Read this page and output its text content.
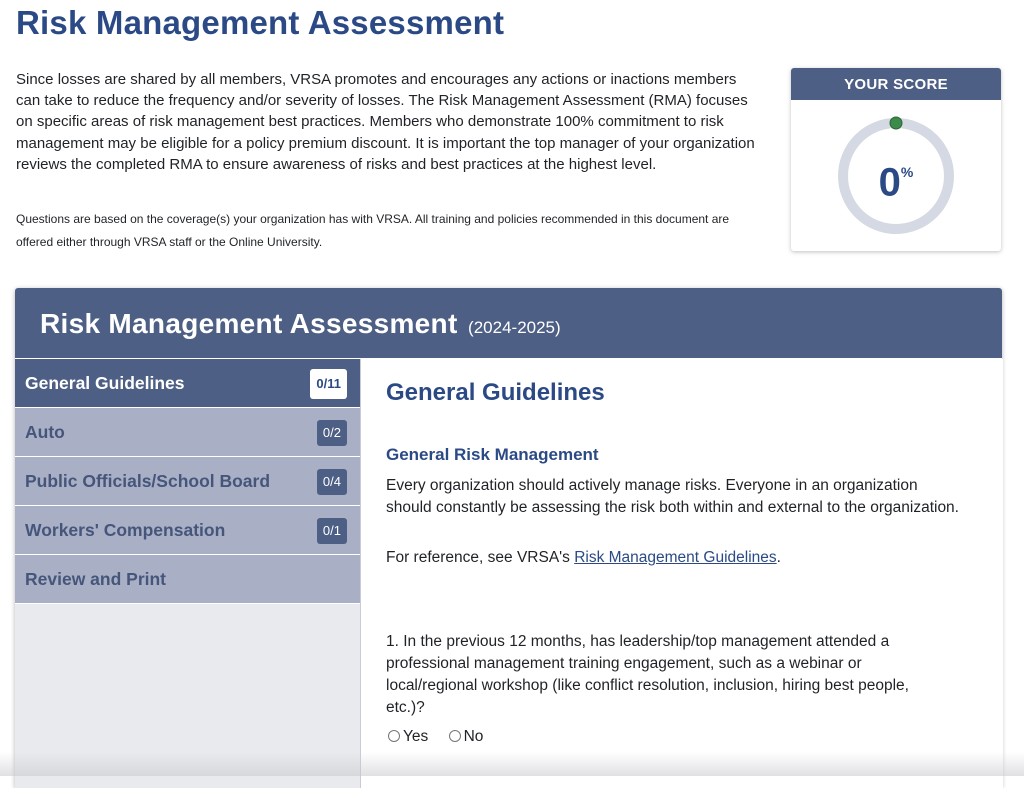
Risk Management Assessment

Since losses are shared by all members, VRSA promotes and encourages any actions or inactions members can take to reduce the frequency and/or severity of losses. The Risk Management Assessment (RMA) focuses on specific areas of risk management best practices. Members who demonstrate 100% commitment to risk management may be eligible for a policy premium discount. It is important the top manager of your organization reviews the completed RMA to ensure awareness of risks and best practices at the highest level.

Questions are based on the coverage(s) your organization has with VRSA. All training and policies recommended in this document are offered either through VRSA staff or the Online University.

YOUR SCORE
0%
Risk Management Assessment (2024-2025)
General Guidelines	0/11
Auto	0/2
Public Officials/School Board	0/4
Workers' Compensation	0/1
Review and Print
General Guidelines
General Risk Management

Every organization should actively manage risks. Everyone in an organization should constantly be assessing the risk both within and external to the organization.

For reference, see VRSA's Risk Management Guidelines.

1. In the previous 12 months, has leadership/top management attended a professional management training engagement, such as a webinar or local/regional workshop (like conflict resolution, inclusion, hiring best people, etc.)?

Yes No
